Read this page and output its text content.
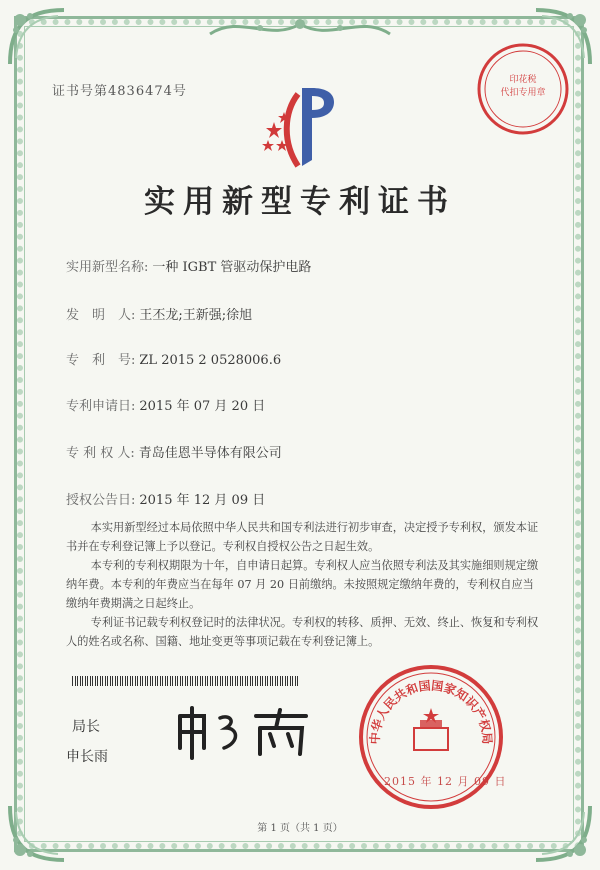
证书号第4836474号
印花税
代扣专用章
实用新型专利证书
实用新型名称: 一种 IGBT 管驱动保护电路
发　明　人: 王丕龙;王新强;徐旭
专　利　号: ZL 2015 2 0528006.6
专利申请日: 2015 年 07 月 20 日
专 利 权 人: 青岛佳恩半导体有限公司
授权公告日: 2015 年 12 月 09 日

本实用新型经过本局依照中华人民共和国专利法进行初步审查，决定授予专利权，颁发本证书并在专利登记簿上予以登记。专利权自授权公告之日起生效。

本专利的专利权期限为十年，自申请日起算。专利权人应当依照专利法及其实施细则规定缴纳年费。本专利的年费应当在每年 07 月 20 日前缴纳。未按照规定缴纳年费的，专利权自应当缴纳年费期满之日起终止。

专利证书记载专利权登记时的法律状况。专利权的转移、质押、无效、终止、恢复和专利权人的姓名或名称、国籍、地址变更等事项记载在专利登记簿上。

局长
申长雨
中华人民共和国国家知识产权局
2015 年 12 月 09 日
第 1 页（共 1 页）
